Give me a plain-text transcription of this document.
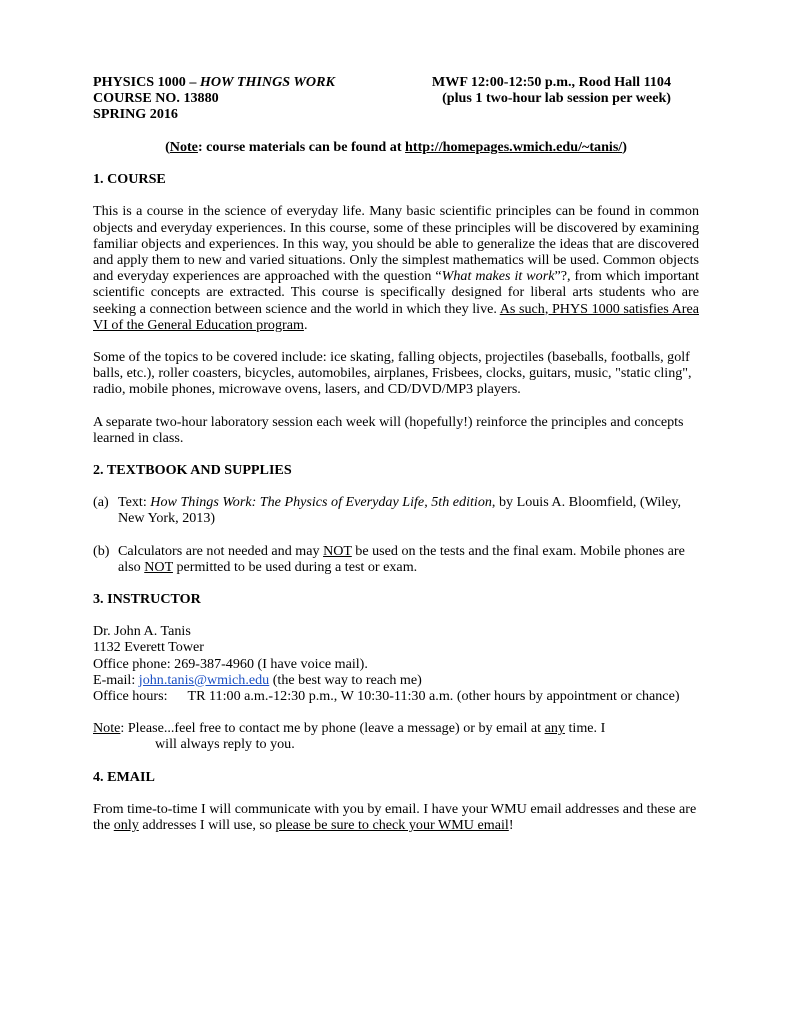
PHYSICS 1000 – HOW THINGS WORK
COURSE NO. 13880
SPRING 2016
MWF 12:00-12:50 p.m., Rood Hall 1104
(plus 1 two-hour lab session per week)
(Note: course materials can be found at http://homepages.wmich.edu/~tanis/)
1. COURSE

This is a course in the science of everyday life. Many basic scientific principles can be found in common objects and everyday experiences. In this course, some of these principles will be discovered by examining familiar objects and experiences. In this way, you should be able to generalize the ideas that are discovered and apply them to new and varied situations. Only the simplest mathematics will be used. Common objects and everyday experiences are approached with the question “What makes it work”?, from which important scientific concepts are extracted. This course is specifically designed for liberal arts students who are seeking a connection between science and the world in which they live. As such, PHYS 1000 satisfies Area VI of the General Education program.

Some of the topics to be covered include: ice skating, falling objects, projectiles (baseballs, footballs, golf balls, etc.), roller coasters, bicycles, automobiles, airplanes, Frisbees, clocks, guitars, music, "static cling", radio, mobile phones, microwave ovens, lasers, and CD/DVD/MP3 players.

A separate two-hour laboratory session each week will (hopefully!) reinforce the principles and concepts learned in class.

2. TEXTBOOK AND SUPPLIES
(a) Text: How Things Work: The Physics of Everyday Life, 5th edition, by Louis A. Bloomfield, (Wiley, New York, 2013)
(b) Calculators are not needed and may NOT be used on the tests and the final exam. Mobile phones are also NOT permitted to be used during a test or exam.
3. INSTRUCTOR
Dr. John A. Tanis
1132 Everett Tower
Office phone: 269-387-4960 (I have voice mail).
E-mail: john.tanis@wmich.edu (the best way to reach me)
Office hours: TR 11:00 a.m.-12:30 p.m., W 10:30-11:30 a.m. (other hours by appointment or chance)
Note: Please...feel free to contact me by phone (leave a message) or by email at any time. I
will always reply to you.
4. EMAIL

From time-to-time I will communicate with you by email. I have your WMU email addresses and these are the only addresses I will use, so please be sure to check your WMU email!
